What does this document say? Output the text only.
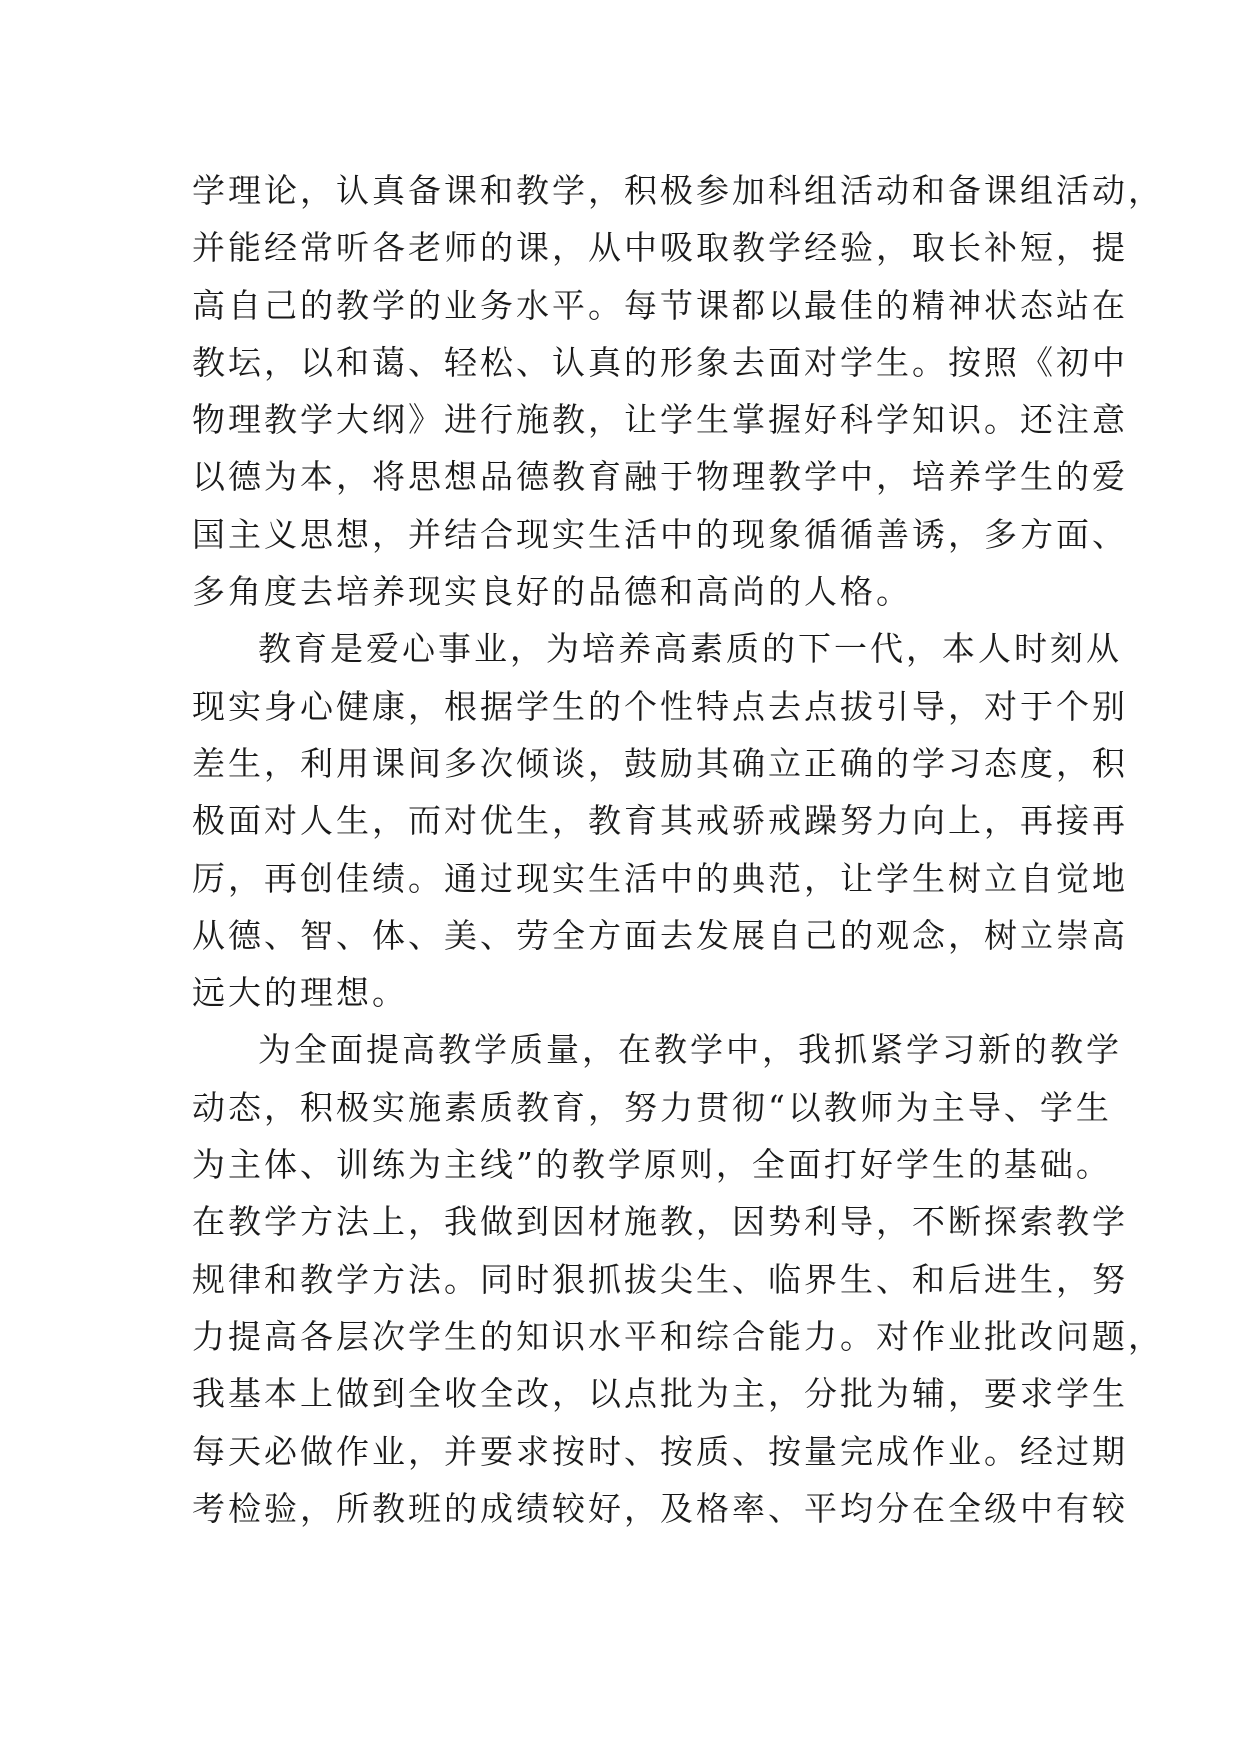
学理论，认真备课和教学，积极参加科组活动和备课组活动，
并能经常听各老师的课，从中吸取教学经验，取长补短，提
高自己的教学的业务水平。每节课都以最佳的精神状态站在
教坛，以和蔼、轻松、认真的形象去面对学生。按照《初中
物理教学大纲》进行施教，让学生掌握好科学知识。还注意
以德为本，将思想品德教育融于物理教学中，培养学生的爱
国主义思想，并结合现实生活中的现象循循善诱，多方面、
多角度去培养现实良好的品德和高尚的人格。
教育是爱心事业，为培养高素质的下一代，本人时刻从
现实身心健康，根据学生的个性特点去点拔引导，对于个别
差生，利用课间多次倾谈，鼓励其确立正确的学习态度，积
极面对人生，而对优生，教育其戒骄戒躁努力向上，再接再
厉，再创佳绩。通过现实生活中的典范，让学生树立自觉地
从德、智、体、美、劳全方面去发展自己的观念，树立崇高
远大的理想。
为全面提高教学质量，在教学中，我抓紧学习新的教学
动态，积极实施素质教育，努力贯彻“以教师为主导、学生
为主体、训练为主线”的教学原则，全面打好学生的基础。
在教学方法上，我做到因材施教，因势利导，不断探索教学
规律和教学方法。同时狠抓拔尖生、临界生、和后进生，努
力提高各层次学生的知识水平和综合能力。对作业批改问题，
我基本上做到全收全改，以点批为主，分批为辅，要求学生
每天必做作业，并要求按时、按质、按量完成作业。经过期
考检验，所教班的成绩较好，及格率、平均分在全级中有较
